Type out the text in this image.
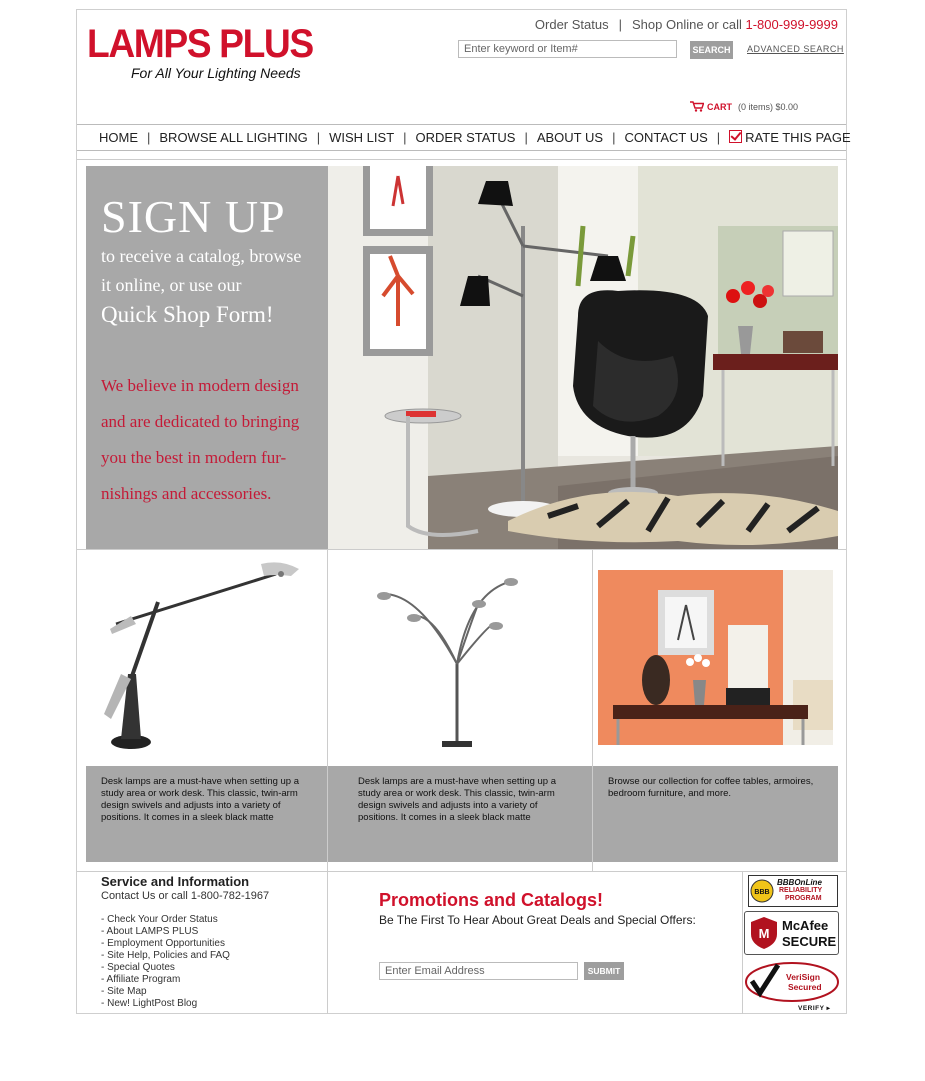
LAMPS PLUS
For All Your Lighting Needs
Order Status | Shop Online or call 1-800-999-9999
Enter keyword or Item#	SEARCH ADVANCED SEARCH
CART (0 items) $0.00
HOME | BROWSE ALL LIGHTING | WISH LIST | ORDER STATUS | ABOUT US | CONTACT US | RATE THIS PAGE
SIGN UP
to receive a catalog, browse
it online, or use our
Quick Shop Form!
We believe in modern design
and are dedicated to bringing
you the best in modern fur-
nishings and accessories.
Desk lamps are a must-have when setting up a study area or work desk. This classic, twin-arm design swivels and adjusts into a variety of positions. It comes in a sleek black matte
Desk lamps are a must-have when setting up a study area or work desk. This classic, twin-arm design swivels and adjusts into a variety of positions. It comes in a sleek black matte
Browse our collection for coffee tables, armoires, bedroom furniture, and more.
Service and Information
Contact Us or call 1-800-782-1967
- Check Your Order Status
- About LAMPS PLUS
- Employment Opportunities
- Site Help, Policies and FAQ
- Special Quotes
- Affiliate Program
- Site Map
- New! LightPost Blog
Promotions and Catalogs!
Be The First To Hear About Great Deals and Special Offers:
Enter Email Address	SUBMIT
BBB
BBBOnLine
RELIABILITY
PROGRAM
M
McAfee
SECURE
VeriSign
Secured
VERIFY ▸
